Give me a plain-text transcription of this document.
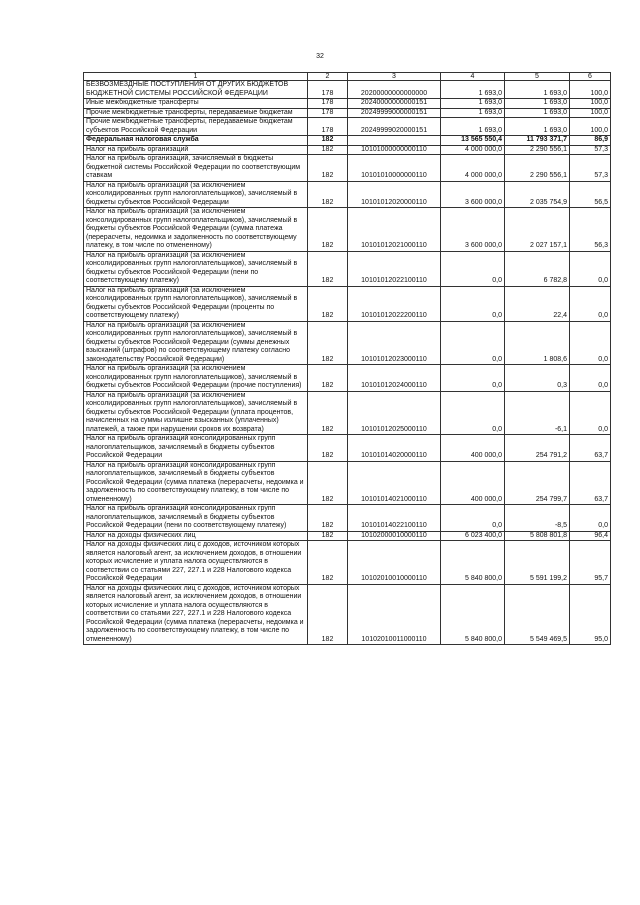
32
1	2	3	4	5	6
БЕЗВОЗМЕЗДНЫЕ ПОСТУПЛЕНИЯ ОТ ДРУГИХ БЮДЖЕТОВ БЮДЖЕТНОЙ СИСТЕМЫ РОССИЙСКОЙ ФЕДЕРАЦИИ	178	20200000000000000	1 693,0	1 693,0	100,0
Иные межбюджетные трансферты	178	20240000000000151	1 693,0	1 693,0	100,0
Прочие межбюджетные трансферты, передаваемые бюджетам	178	20249999000000151	1 693,0	1 693,0	100,0
Прочие межбюджетные трансферты, передаваемые бюджетам субъектов Российской Федерации	178	20249999020000151	1 693,0	1 693,0	100,0
Федеральная налоговая служба	182		13 565 550,4	11 793 371,7	86,9
Налог на прибыль организаций	182	10101000000000110	4 000 000,0	2 290 556,1	57,3
Налог на прибыль организаций, зачисляемый в бюджеты бюджетной системы Российской Федерации по соответствующим ставкам	182	10101010000000110	4 000 000,0	2 290 556,1	57,3
Налог на прибыль организаций (за исключением консолидированных групп налогоплательщиков), зачисляемый в бюджеты субъектов Российской Федерации	182	10101012020000110	3 600 000,0	2 035 754,9	56,5
Налог на прибыль организаций (за исключением консолидированных групп налогоплательщиков), зачисляемый в бюджеты субъектов Российской Федерации (сумма платежа (перерасчеты, недоимка и задолженность по соответствующему платежу, в том числе по отмененному)	182	10101012021000110	3 600 000,0	2 027 157,1	56,3
Налог на прибыль организаций (за исключением консолидированных групп налогоплательщиков), зачисляемый в бюджеты субъектов Российской Федерации (пени по соответствующему платежу)	182	10101012022100110	0,0	6 782,8	0,0
Налог на прибыль организаций (за исключением консолидированных групп налогоплательщиков), зачисляемый в бюджеты субъектов Российской Федерации (проценты по соответствующему платежу)	182	10101012022200110	0,0	22,4	0,0
Налог на прибыль организаций (за исключением консолидированных групп налогоплательщиков), зачисляемый в бюджеты субъектов Российской Федерации (суммы денежных взысканий (штрафов) по соответствующему платежу согласно законодательству Российской Федерации)	182	10101012023000110	0,0	1 808,6	0,0
Налог на прибыль организаций (за исключением консолидированных групп налогоплательщиков), зачисляемый в бюджеты субъектов Российской Федерации (прочие поступления)	182	10101012024000110	0,0	0,3	0,0
Налог на прибыль организаций (за исключением консолидированных групп налогоплательщиков), зачисляемый в бюджеты субъектов Российской Федерации (уплата процентов, начисленных на суммы излишне взысканных (уплаченных) платежей, а также при нарушении сроков их возврата)	182	10101012025000110	0,0	-6,1	0,0
Налог на прибыль организаций консолидированных групп налогоплательщиков, зачисляемый в бюджеты субъектов Российской Федерации	182	10101014020000110	400 000,0	254 791,2	63,7
Налог на прибыль организаций консолидированных групп налогоплательщиков, зачисляемый в бюджеты субъектов Российской Федерации (сумма платежа (перерасчеты, недоимка и задолженность по соответствующему платежу, в том числе по отмененному)	182	10101014021000110	400 000,0	254 799,7	63,7
Налог на прибыль организаций консолидированных групп налогоплательщиков, зачисляемый в бюджеты субъектов Российской Федерации (пени по соответствующему платежу)	182	10101014022100110	0,0	-8,5	0,0
Налог на доходы физических лиц	182	10102000010000110	6 023 400,0	5 808 801,8	96,4
Налог на доходы физических лиц с доходов, источником которых является налоговый агент, за исключением доходов, в отношении которых исчисление и уплата налога осуществляются в соответствии со статьями 227, 227.1 и 228 Налогового кодекса Российской Федерации	182	10102010010000110	5 840 800,0	5 591 199,2	95,7
Налог на доходы физических лиц с доходов, источником которых является налоговый агент, за исключением доходов, в отношении которых исчисление и уплата налога осуществляются в соответствии со статьями 227, 227.1 и 228 Налогового кодекса Российской Федерации (сумма платежа (перерасчеты, недоимка и задолженность по соответствующему платежу, в том числе по отмененному)	182	10102010011000110	5 840 800,0	5 549 469,5	95,0
